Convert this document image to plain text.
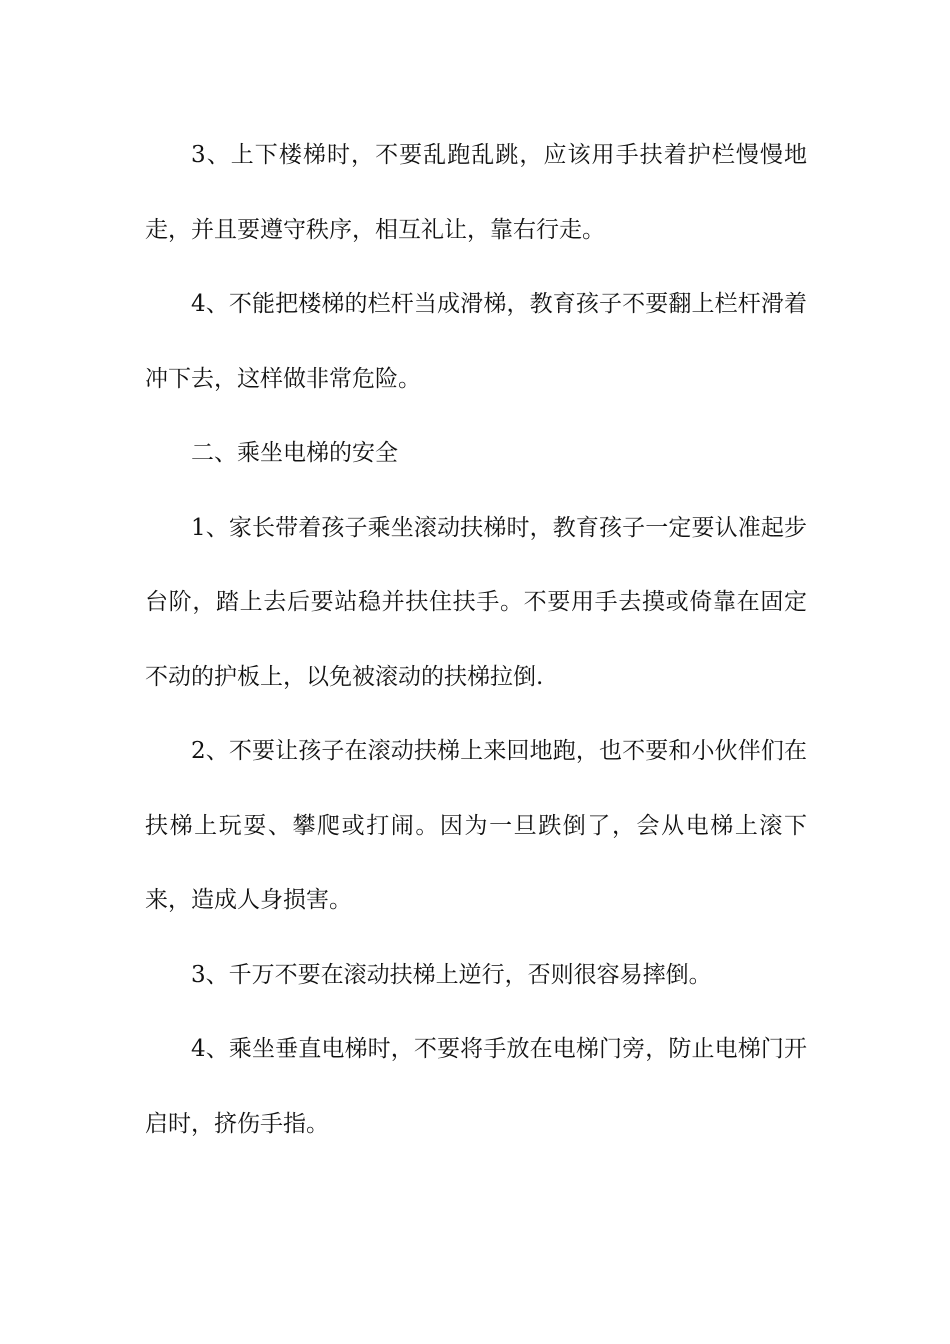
3、上下楼梯时，不要乱跑乱跳，应该用手扶着护栏慢慢地走，并且要遵守秩序，相互礼让，靠右行走。

4、不能把楼梯的栏杆当成滑梯，教育孩子不要翻上栏杆滑着冲下去，这样做非常危险。

二、乘坐电梯的安全

1、家长带着孩子乘坐滚动扶梯时，教育孩子一定要认准起步台阶，踏上去后要站稳并扶住扶手。不要用手去摸或倚靠在固定不动的护板上，以免被滚动的扶梯拉倒.

2、不要让孩子在滚动扶梯上来回地跑，也不要和小伙伴们在扶梯上玩耍、攀爬或打闹。因为一旦跌倒了，会从电梯上滚下来，造成人身损害。

3、千万不要在滚动扶梯上逆行，否则很容易摔倒。

4、乘坐垂直电梯时，不要将手放在电梯门旁，防止电梯门开启时，挤伤手指。
